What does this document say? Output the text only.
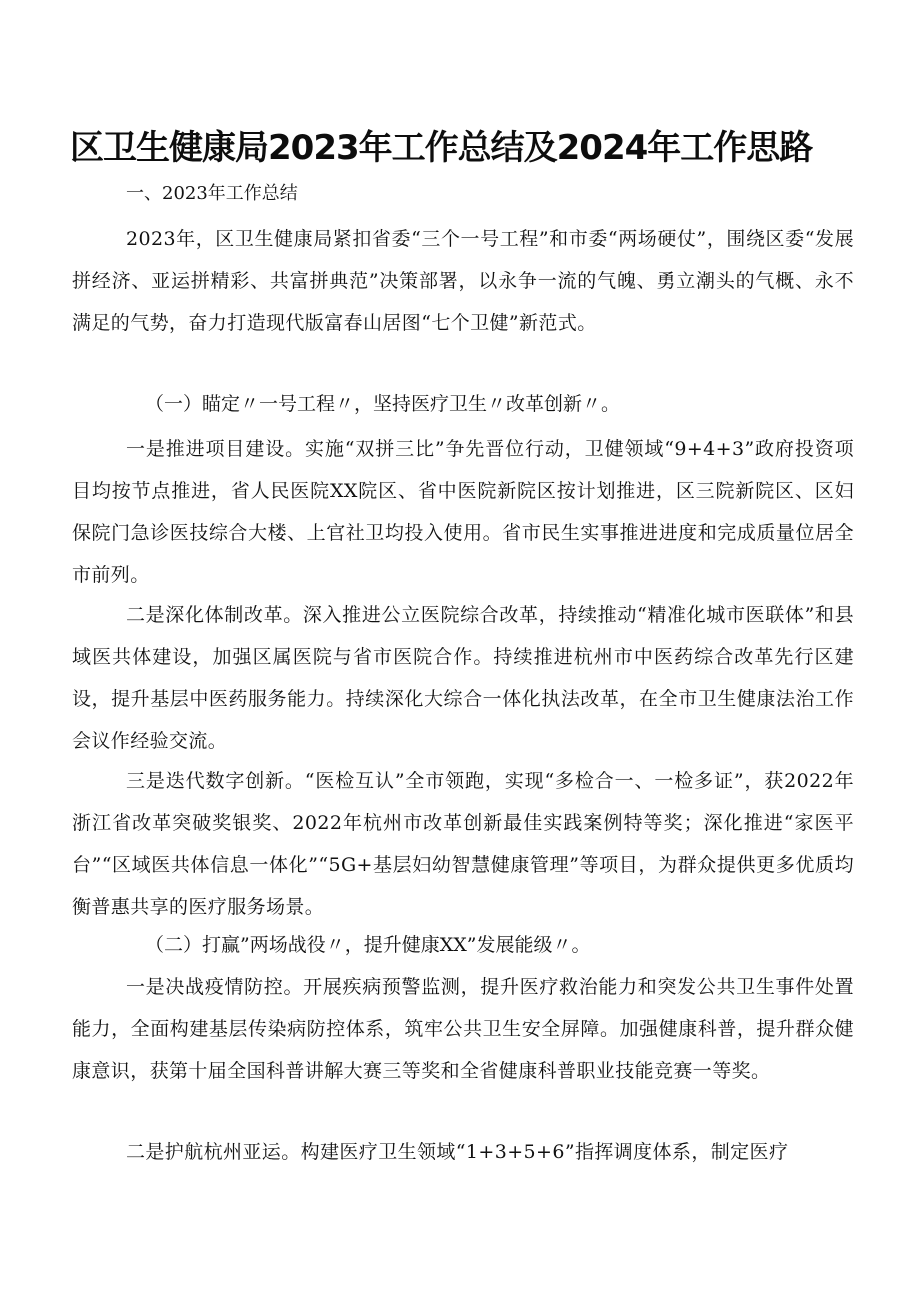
区卫生健康局2023年工作总结及2024年工作思路
一、2023年工作总结

2023年，区卫生健康局紧扣省委“三个一号工程”和市委“两场硬仗”，围绕区委“发展拼经济、亚运拼精彩、共富拼典范”决策部署，以永争一流的气魄、勇立潮头的气概、永不满足的气势，奋力打造现代版富春山居图“七个卫健”新范式。

（一）瞄定〃一号工程〃，坚持医疗卫生〃改革创新〃。

一是推进项目建设。实施“双拼三比”争先晋位行动，卫健领域“9+4+3”政府投资项目均按节点推进，省人民医院XX院区、省中医院新院区按计划推进，区三院新院区、区妇保院门急诊医技综合大楼、上官社卫均投入使用。省市民生实事推进进度和完成质量位居全市前列。

二是深化体制改革。深入推进公立医院综合改革，持续推动“精准化城市医联体”和县域医共体建设，加强区属医院与省市医院合作。持续推进杭州市中医药综合改革先行区建设，提升基层中医药服务能力。持续深化大综合一体化执法改革，在全市卫生健康法治工作会议作经验交流。

三是迭代数字创新。“医检互认”全市领跑，实现“多检合一、一检多证”，获2022年浙江省改革突破奖银奖、2022年杭州市改革创新最佳实践案例特等奖；深化推进“家医平台”“区域医共体信息一体化”“5G+基层妇幼智慧健康管理”等项目，为群众提供更多优质均衡普惠共享的医疗服务场景。

（二）打赢”两场战役〃，提升健康XX”发展能级〃。

一是决战疫情防控。开展疾病预警监测，提升医疗救治能力和突发公共卫生事件处置能力，全面构建基层传染病防控体系，筑牢公共卫生安全屏障。加强健康科普，提升群众健康意识，获第十届全国科普讲解大赛三等奖和全省健康科普职业技能竞赛一等奖。

二是护航杭州亚运。构建医疗卫生领域“1+3+5+6”指挥调度体系，制定医疗
